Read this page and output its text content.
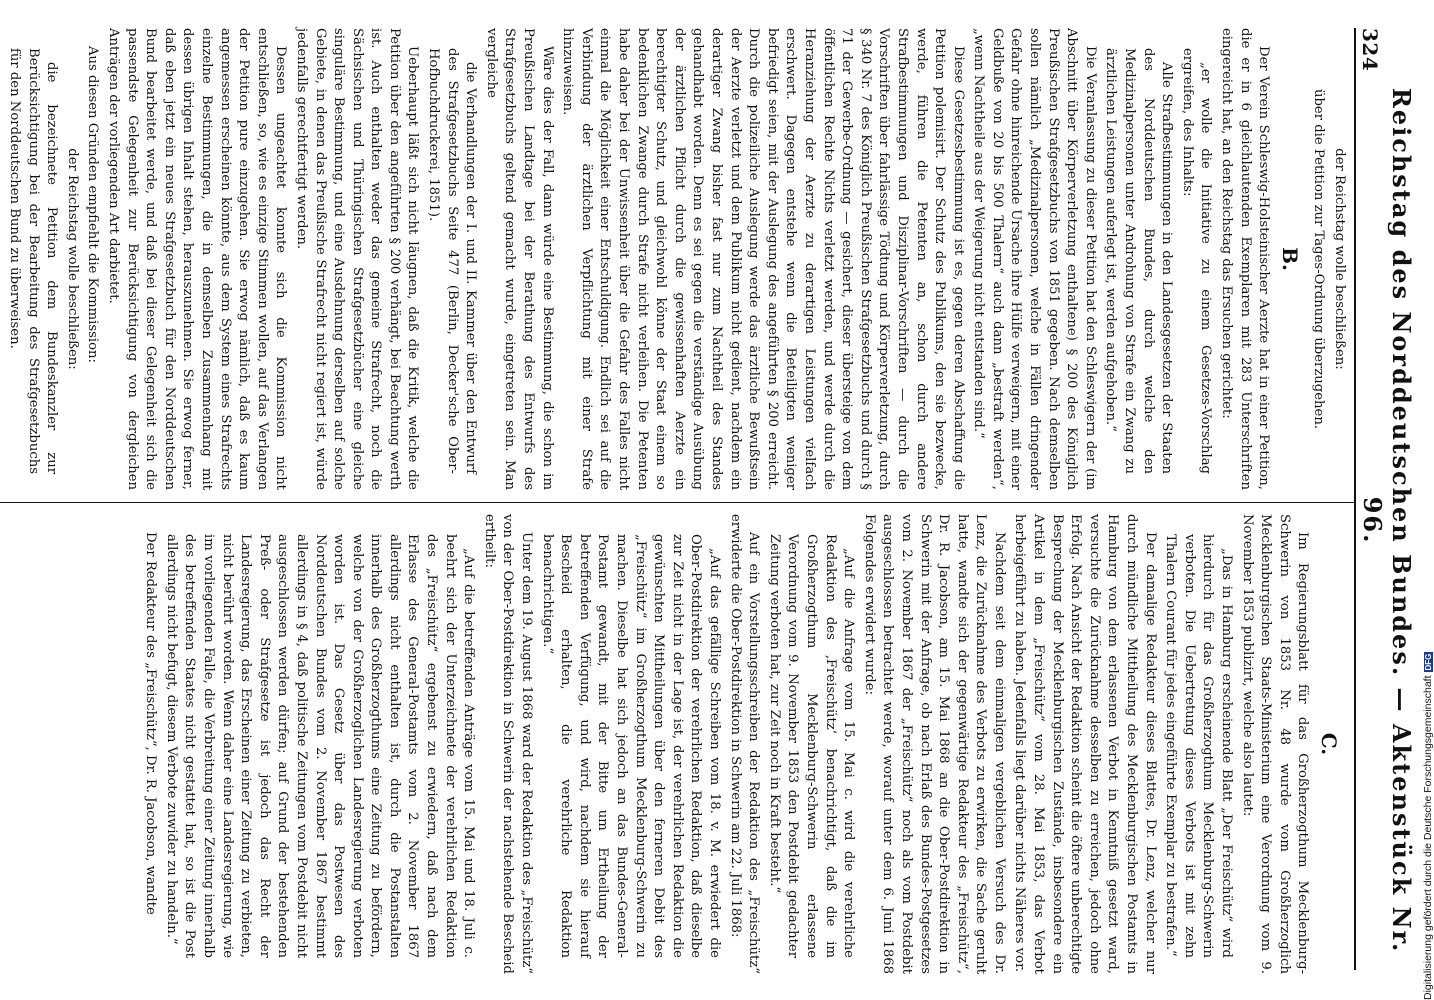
324
Reichstag des Norddeutschen Bundes. — Aktenstück Nr. 96.

der Reichstag wolle beschließen:

über die Petition zur Tages-Ordnung überzugehen.

B.

Der Verein Schleswig-Holsteinischer Aerzte hat in einer Petition, die er in 6 gleichlautenden Exemplaren mit 283 Unterschriften eingereicht hat, an den Reichstag das Ersuchen gerichtet:

„er wolle die Initiative zu einem Gesetzes-Vorschlag ergreifen, des Inhalts:

Alle Strafbestimmungen in den Landesgesetzen der Staaten des Norddeutschen Bundes, durch welche den Medizinalpersonen unter Androhung von Strafe ein Zwang zu ärztlichen Leistungen auferlegt ist, werden aufgehoben.“

Die Veranlassung zu dieser Petition hat den Schleswigern der (im Abschnitt über Körperverletzung enthaltene) § 200 des Königlich Preußischen Strafgesetzbuchs von 1851 gegeben. Nach demselben sollen nämlich „Medizinalpersonen, welche in Fällen dringender Gefahr ohne hinreichende Ursache ihre Hülfe verweigern, mit einer Geldbuße von 20 bis 500 Thalern“ auch dann „bestraft werden“, „wenn Nachtheile aus der Weigerung nicht entstanden sind.“

Diese Gesetzesbestimmung ist es, gegen deren Abschaffung die Petition polemisirt. Der Schutz des Publikums, den sie bezwecke, werde, führen die Petenten an, schon durch andere Strafbestimmungen und Disziplinar-Vorschriften — durch die Vorschriften über fahrlässige Tödtung und Körperverletzung, durch § 340 Nr. 7 des Königlich Preußischen Strafgesetzbuchs und durch § 71 der Gewerbe-Ordnung — gesichert, dieser übersteige von dem öffentlichen Rechte Nichts verletzt werden, und werde durch die Heranziehung der Aerzte zu derartigen Leistungen vielfach erschwert. Dagegen entstehe wenn die Beteiligten weniger befriedigt seien, mit der Auslegung des angeführten § 200 erreicht. Durch die polizeiliche Auslegung werde das ärztliche Bewußtsein der Aerzte verletzt und dem Publikum nicht gedient, nachdem ein derartiger Zwang bisher fast nur zum Nachtheil des Standes gehandhabt worden. Denn es sei gegen die verständige Ausübung der ärztlichen Pflicht durch die gewissenhaften Aerzte ein berechtigter Schutz, und gleichwohl könne der Staat einem so bedenklichen Zwange durch Strafe nicht verleihen. Die Petenten habe daher bei der Unwissenheit über die Gefahr des Falles nicht einmal die Möglichkeit einer Entschuldigung. Endlich sei auf die Verbindung der ärztlichen Verpflichtung mit einer Strafe hinzuweisen.

Wäre dies der Fall, dann würde eine Bestimmung, die schon im Preußischen Landtage bei der Berathung des Entwurfs des Strafgesetzbuchs geltend gemacht wurde, eingetreten sein. Man vergleiche

die Verhandlungen der I. und II. Kammer über den Entwurf des Strafgesetzbuchs Seite 477 (Berlin, Decker'sche Ober-Hofbuchdruckerei, 1851).

Ueberhaupt läßt sich nicht läugnen, daß die Kritik, welche die Petition über den angeführten § 200 verhängt, bei Beachtung werth ist. Auch enthalten weder das gemeine Strafrecht, noch die Sächsischen und Thüringischen Strafgesetzbücher eine gleiche singuläre Bestimmung, und eine Ausdehnung derselben auf solche Gebiete, in denen das Preußische Strafrecht nicht regiert ist, würde jedenfalls gerechtfertigt werden.

Dessen ungeachtet konnte sich die Kommission nicht entschließen, so, wie es einzige Stimmen wollen, auf das Verlangen der Petition pure einzugehen. Sie erwog nämlich, daß es kaum angemessen erscheinen könnte, aus dem System eines Strafrechts einzelne Bestimmungen, die in demselben Zusammenhang mit dessen übrigen Inhalt stehen, herauszunehmen. Sie erwog ferner, daß eben jetzt ein neues Strafgesetzbuch für den Norddeutschen Bund bearbeitet werde, und daß bei dieser Gelegenheit sich die passendste Gelegenheit zur Berücksichtigung von dergleichen Anträgen der vorliegenden Art darbietet.

Aus diesen Gründen empfiehlt die Kommission:

der Reichstag wolle beschließen:

die bezeichnete Petition dem Bundeskanzler zur Berücksichtigung bei der Bearbeitung des Strafgesetzbuchs für den Norddeutschen Bund zu überweisen.

C.

Im Regierungsblatt für das Großherzogthum Mecklenburg-Schwerin von 1853 Nr. 48 wurde vom Großherzoglich Mecklenburgischen Staats-Ministerium eine Verordnung vom 9. November 1853 publizirt, welche also lautet:

„Das in Hamburg erscheinende Blatt „Der Freischütz“ wird hierdurch für das Großherzogthum Mecklenburg-Schwerin verboten. Die Uebertretung dieses Verbots ist mit zehn Thalern Courant für jedes eingeführte Exemplar zu bestrafen.“

Der damalige Redakteur dieses Blattes, Dr. Lenz, welcher nur durch mündliche Mittheilung des Mecklenburgischen Postamts in Hamburg von dem erlassenen Verbot in Kenntniß gesetzt ward, versuchte die Zurücknahme desselben zu erreichen, jedoch ohne Erfolg. Nach Ansicht der Redaktion scheint die öftere unberechtigte Besprechung der Mecklenburgischen Zustände, insbesondere ein Artikel in dem „Freischütz“ vom 28. Mai 1853, das Verbot herbeigeführt zu haben. Jedenfalls liegt darüber nichts Näheres vor.

Nachdem seit dem einmaligen vergeblichen Versuch des Dr. Lenz, die Zurücknahme des Verbots zu erwirken, die Sache geruht hatte, wandte sich der gegenwärtige Redakteur des „Freischütz“, Dr. R. Jacobson, am 15. Mai 1868 an die Ober-Postdirektion in Schwerin mit der Anfrage, ob nach Erlaß des Bundes-Postgesetzes vom 2. November 1867 der „Freischütz“ noch als vom Postdebit ausgeschlossen betrachtet werde, worauf unter dem 6. Juni 1868 Folgendes erwidert wurde:

„Auf die Anfrage vom 15. Mai c. wird die verehrliche Redaktion des ‚Freischütz‘ benachrichtigt, daß die im Großherzogthum Mecklenburg-Schwerin erlassene Verordnung vom 9. November 1853 den Postdebit gedachter Zeitung verboten hat, zur Zeit noch in Kraft besteht.“

Auf ein Vorstellungsschreiben der Redaktion des „Freischütz“ erwiderte die Ober-Postdirektion in Schwerin am 22. Juli 1868:

„Auf das gefällige Schreiben vom 18. v. M. erwiedert die Ober-Postdirektion der verehrlichen Redaktion, daß dieselbe zur Zeit nicht in der Lage ist, der verehrlichen Redaktion die gewünschten Mittheilungen über den ferneren Debit des „Freischütz“ im Großherzogthum Mecklenburg-Schwerin zu machen. Dieselbe hat sich jedoch an das Bundes-General-Postamt gewandt, mit der Bitte um Ertheilung der betreffenden Verfügung, und wird, nachdem sie hierauf Bescheid erhalten, die verehrliche Redaktion benachrichtigen.“

Unter dem 19. August 1868 ward der Redaktion des „Freischütz“ von der Ober-Postdirektion in Schwerin der nachstehende Bescheid ertheilt:

„Auf die betreffenden Anträge vom 15. Mai und 18. Juli c. beehrt sich der Unterzeichnete der verehrlichen Redaktion des „Freischütz“ ergebenst zu erwiedern, daß nach dem Erlasse des General-Postamts vom 2. November 1867 allerdings nicht enthalten ist, durch die Postanstalten innerhalb des Großherzogthums eine Zeitung zu befördern, welche von der Großherzoglichen Landesregierung verboten worden ist. Das Gesetz über das Postwesen des Norddeutschen Bundes vom 2. November 1867 bestimmt allerdings in § 4, daß politische Zeitungen vom Postdebit nicht ausgeschlossen werden dürfen; auf Grund der bestehenden Preß- oder Strafgesetze ist jedoch das Recht der Landesregierung, das Erscheinen einer Zeitung zu verbieten, nicht berührt worden. Wenn daher eine Landesregierung, wie im vorliegenden Falle, die Verbreitung einer Zeitung innerhalb des betreffenden Staates nicht gestattet hat, so ist die Post allerdings nicht befugt, diesem Verbote zuwider zu handeln.“

Der Redakteur des „Freischütz“, Dr. R. Jacobson, wandte	Digitalisierung gefördert durch die Deutsche ForschungsgemeinschaftDFG
